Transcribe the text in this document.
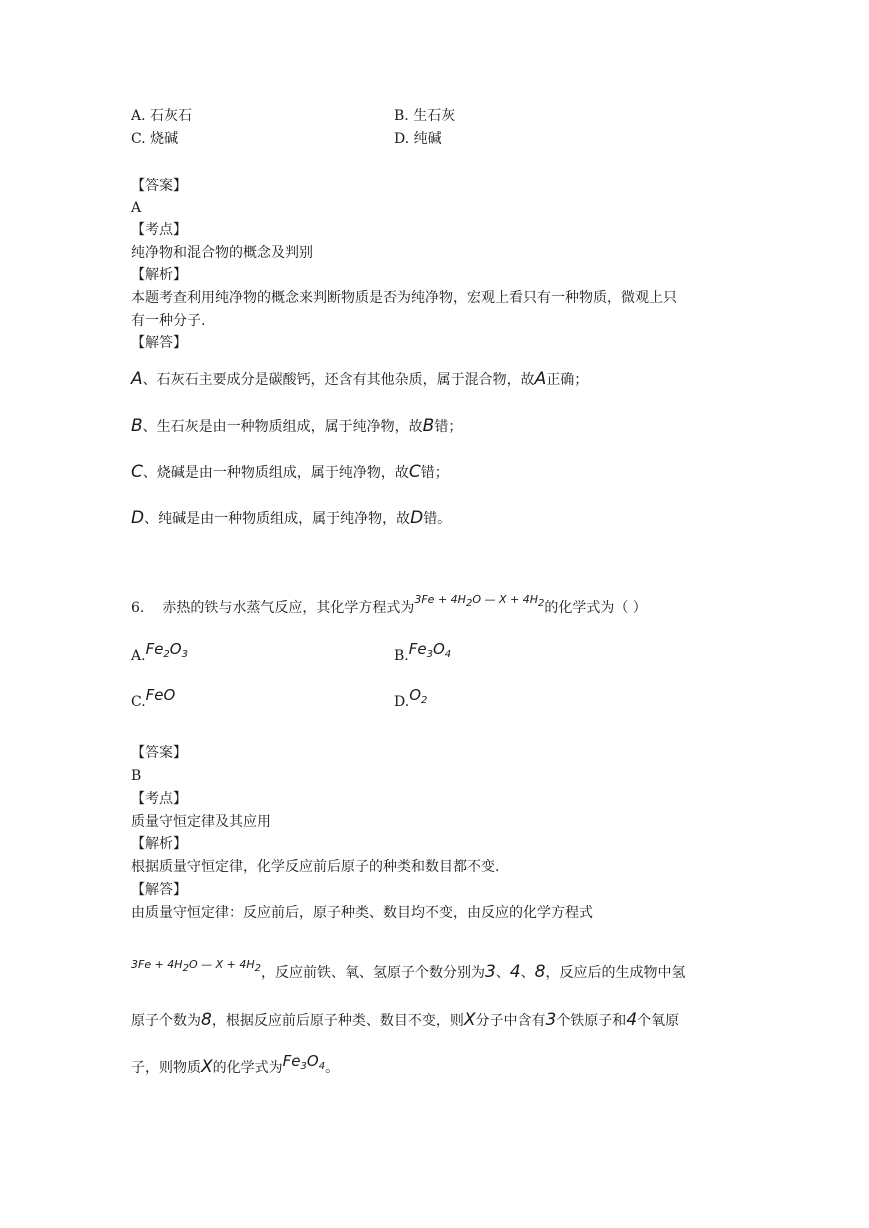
A. 石灰石	B. 生石灰
C. 烧碱	D. 纯碱
【答案】
A
【考点】
纯净物和混合物的概念及判别
【解析】
本题考查利用纯净物的概念来判断物质是否为纯净物，宏观上看只有一种物质，微观上只
有一种分子.
【解答】
A、石灰石主要成分是碳酸钙，还含有其他杂质，属于混合物，故A正确；
B、生石灰是由一种物质组成，属于纯净物，故B错；
C、烧碱是由一种物质组成，属于纯净物，故C错；
D、纯碱是由一种物质组成，属于纯净物，故D错。
6. 赤热的铁与水蒸气反应，其化学方程式为$^{3Fe + 4H2O — X + 4H2}$的化学式为（ ）
$A.Fe_2O_3$	$B.Fe_3O_4$
C.FeO	$D.O_2$
【答案】
B
【考点】
质量守恒定律及其应用
【解析】
根据质量守恒定律，化学反应前后原子的种类和数目都不变.
【解答】
由质量守恒定律：反应前后，原子种类、数目均不变，由反应的化学方程式
$^{3Fe + 4H2O — X + 4H2}$，反应前铁、氧、氢原子个数分别为3、4、8，反应后的生成物中氢
原子个数为8，根据反应前后原子种类、数目不变，则X分子中含有3个铁原子和4个氧原
子，则物质X的化学式为$Fe_3O_4$。
